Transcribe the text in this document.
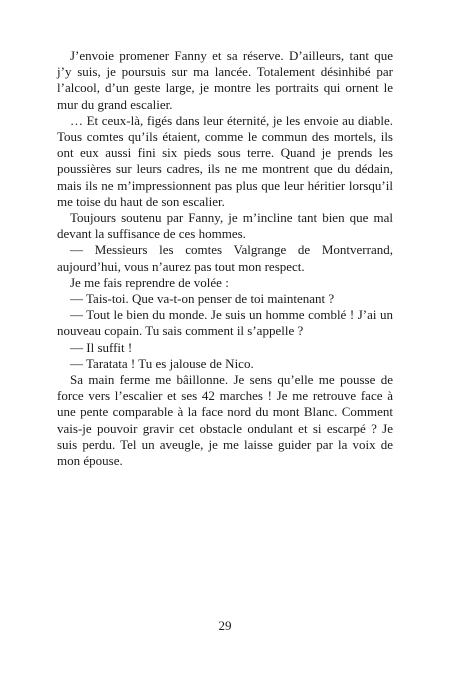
J’envoie promener Fanny et sa réserve. D’ailleurs, tant que j’y suis, je poursuis sur ma lancée. Totalement désinhibé par l’alcool, d’un geste large, je montre les portraits qui ornent le mur du grand escalier.

… Et ceux-là, figés dans leur éternité, je les envoie au diable. Tous comtes qu’ils étaient, comme le commun des mortels, ils ont eux aussi fini six pieds sous terre. Quand je prends les poussières sur leurs cadres, ils ne me montrent que du dédain, mais ils ne m’impressionnent pas plus que leur héritier lorsqu’il me toise du haut de son escalier.

Toujours soutenu par Fanny, je m’incline tant bien que mal devant la suffisance de ces hommes.

— Messieurs les comtes Valgrange de Montverrand, aujourd’hui, vous n’aurez pas tout mon respect.

Je me fais reprendre de volée :

— Tais-toi. Que va-t-on penser de toi maintenant ?

— Tout le bien du monde. Je suis un homme comblé ! J’ai un nouveau copain. Tu sais comment il s’appelle ?

— Il suffit !

— Taratata ! Tu es jalouse de Nico.

Sa main ferme me bâillonne. Je sens qu’elle me pousse de force vers l’escalier et ses 42 marches ! Je me retrouve face à une pente comparable à la face nord du mont Blanc. Comment vais-je pouvoir gravir cet obstacle ondulant et si escarpé ? Je suis perdu. Tel un aveugle, je me laisse guider par la voix de mon épouse.

29
